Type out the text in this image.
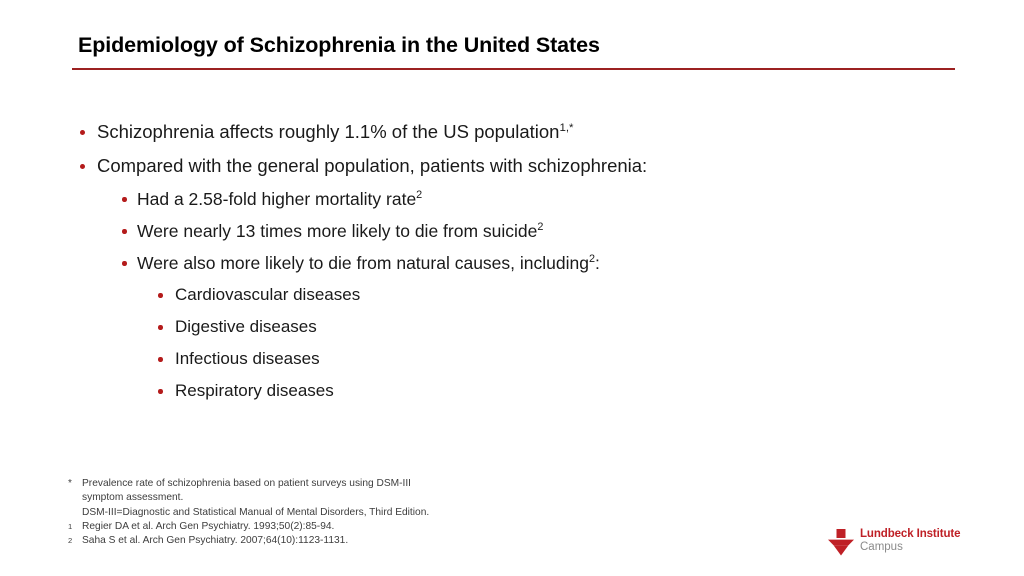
Epidemiology of Schizophrenia in the United States
Schizophrenia affects roughly 1.1% of the US population$^{1,*}$
Compared with the general population, patients with schizophrenia:
Had a 2.58-fold higher mortality rate$^2$
Were nearly 13 times more likely to die from suicide$^2$
Were also more likely to die from natural causes, including$^2$:
Cardiovascular diseases
Digestive diseases
Infectious diseases
Respiratory diseases
* Prevalence rate of schizophrenia based on patient surveys using DSM-III
symptom assessment.
DSM-III=Diagnostic and Statistical Manual of Mental Disorders, Third Edition.
1 Regier DA et al. Arch Gen Psychiatry. 1993;50(2):85-94.
2 Saha S et al. Arch Gen Psychiatry. 2007;64(10):1123-1131.
Lundbeck Institute
Campus
